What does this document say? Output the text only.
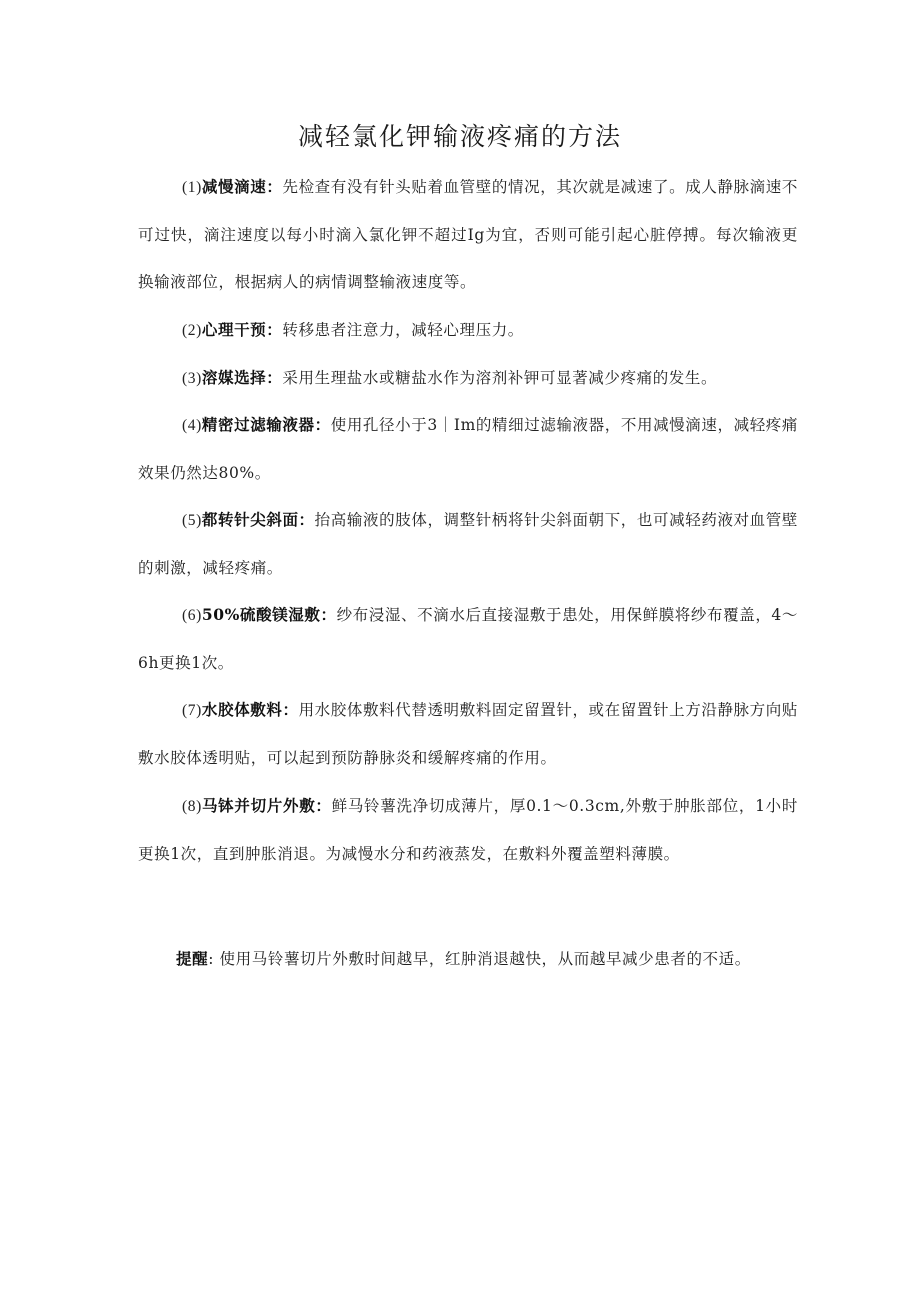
减轻氯化钾输液疼痛的方法

(1)减慢滴速：先检查有没有针头贴着血管壁的情况，其次就是减速了。成人静脉滴速不可过快，滴注速度以每小时滴入氯化钾不超过Ig为宜，否则可能引起心脏停搏。每次输液更换输液部位，根据病人的病情调整输液速度等。

(2)心理干预：转移患者注意力，减轻心理压力。

(3)溶媒选择：采用生理盐水或糖盐水作为溶剂补钾可显著减少疼痛的发生。

(4)精密过滤输液器：使用孔径小于3｜Im的精细过滤输液器，不用减慢滴速，减轻疼痛效果仍然达80%。

(5)都转针尖斜面：抬高输液的肢体，调整针柄将针尖斜面朝下，也可减轻药液对血管壁的刺激，减轻疼痛。

(6)50%硫酸镁湿敷：纱布浸湿、不滴水后直接湿敷于患处，用保鲜膜将纱布覆盖，4～6h更换1次。

(7)水胶体敷料：用水胶体敷料代替透明敷料固定留置针，或在留置针上方沿静脉方向贴敷水胶体透明贴，可以起到预防静脉炎和缓解疼痛的作用。

(8)马钵并切片外敷：鲜马铃薯洗净切成薄片，厚0.1～0.3cm,外敷于肿胀部位，1小时更换1次，直到肿胀消退。为减慢水分和药液蒸发，在敷料外覆盖塑料薄膜。

提醒: 使用马铃薯切片外敷时间越早，红肿消退越快，从而越早减少患者的不适。
